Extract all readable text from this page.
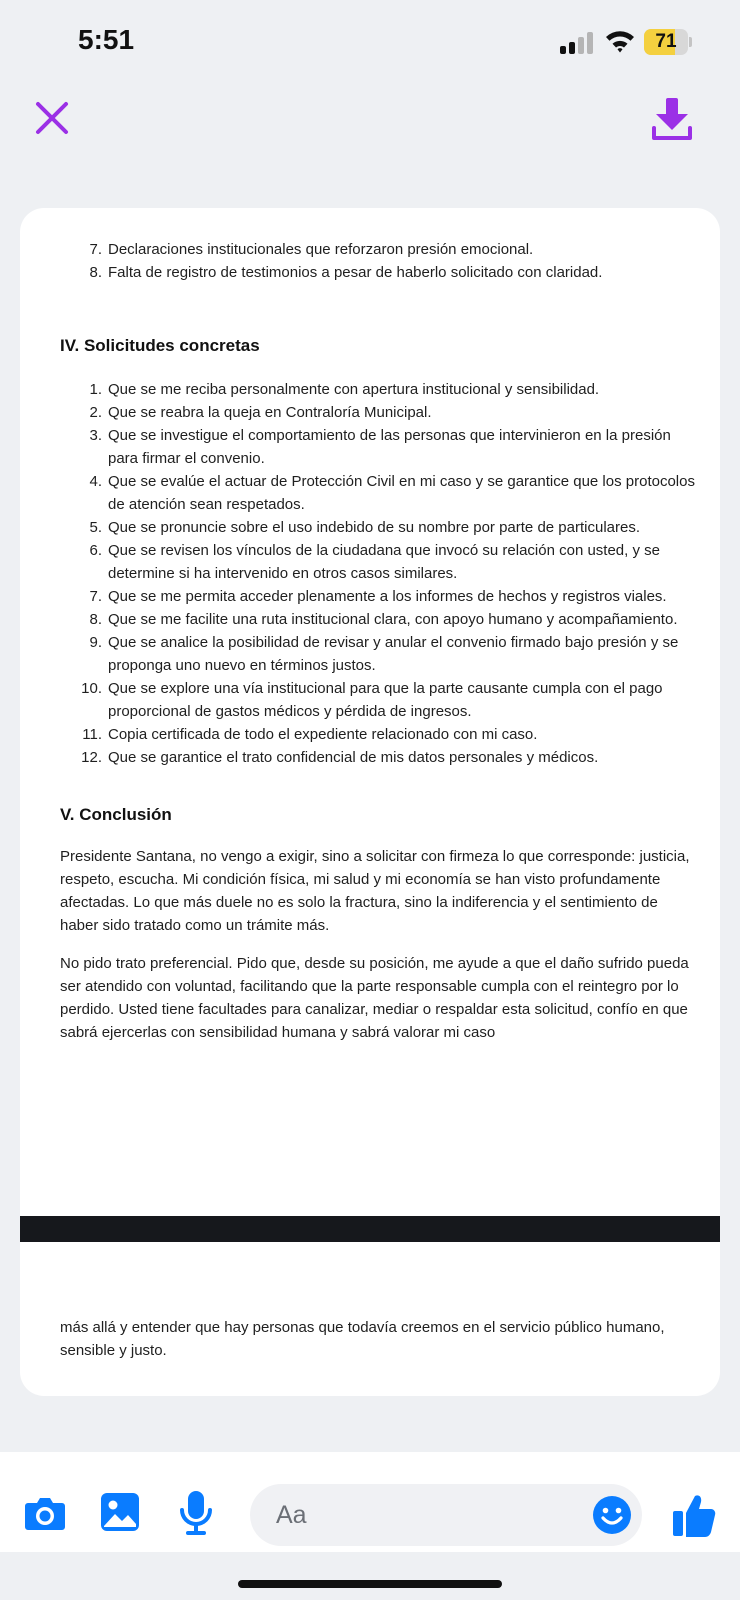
5:51	71
7. Declaraciones institucionales que reforzaron presión emocional.
8. Falta de registro de testimonios a pesar de haberlo solicitado con claridad.
IV. Solicitudes concretas
1. Que se me reciba personalmente con apertura institucional y sensibilidad.
2. Que se reabra la queja en Contraloría Municipal.
3. Que se investigue el comportamiento de las personas que intervinieron en la presión para firmar el convenio.
4. Que se evalúe el actuar de Protección Civil en mi caso y se garantice que los protocolos de atención sean respetados.
5. Que se pronuncie sobre el uso indebido de su nombre por parte de particulares.
6. Que se revisen los vínculos de la ciudadana que invocó su relación con usted, y se determine si ha intervenido en otros casos similares.
7. Que se me permita acceder plenamente a los informes de hechos y registros viales.
8. Que se me facilite una ruta institucional clara, con apoyo humano y acompañamiento.
9. Que se analice la posibilidad de revisar y anular el convenio firmado bajo presión y se proponga uno nuevo en términos justos.
10. Que se explore una vía institucional para que la parte causante cumpla con el pago proporcional de gastos médicos y pérdida de ingresos.
11. Copia certificada de todo el expediente relacionado con mi caso.
12. Que se garantice el trato confidencial de mis datos personales y médicos.
V. Conclusión

Presidente Santana, no vengo a exigir, sino a solicitar con firmeza lo que corresponde: justicia, respeto, escucha. Mi condición física, mi salud y mi economía se han visto profundamente afectadas. Lo que más duele no es solo la fractura, sino la indiferencia y el sentimiento de haber sido tratado como un trámite más.

No pido trato preferencial. Pido que, desde su posición, me ayude a que el daño sufrido pueda ser atendido con voluntad, facilitando que la parte responsable cumpla con el reintegro por lo perdido. Usted tiene facultades para canalizar, mediar o respaldar esta solicitud, confío en que sabrá ejercerlas con sensibilidad humana y sabrá valorar mi caso

más allá y entender que hay personas que todavía creemos en el servicio público humano, sensible y justo.

Aa
